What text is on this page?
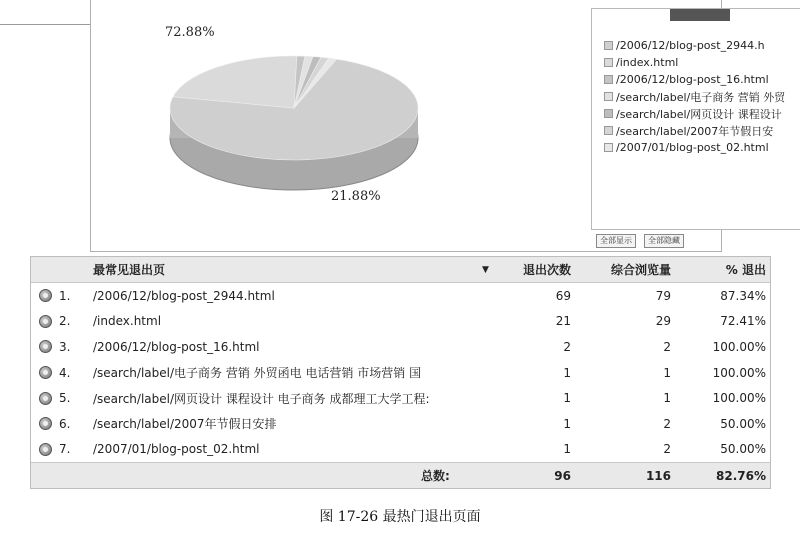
72.88%
21.88%
/2006/12/blog-post_2944.h
/index.html
/2006/12/blog-post_16.html
/search/label/电子商务 营销 外贸
/search/label/网页设计 课程设计
/search/label/2007年节假日安
/2007/01/blog-post_02.html
全部显示	全部隐藏
最常见退出页	▼	退出次数	综合浏览量	% 退出
1. /2006/12/blog-post_2944.html	69	79	87.34%
2. /index.html	21	29	72.41%
3. /2006/12/blog-post_16.html	2	2	100.00%
4. /search/label/电子商务 营销 外贸函电 电话营销 市场营销 国	1	1	100.00%
5. /search/label/网页设计 课程设计 电子商务 成都理工大学工程:	1	1	100.00%
6. /search/label/2007年节假日安排	1	2	50.00%
7. /2007/01/blog-post_02.html	1	2	50.00%
总数:	96	116	82.76%
图 17-26 最热门退出页面
